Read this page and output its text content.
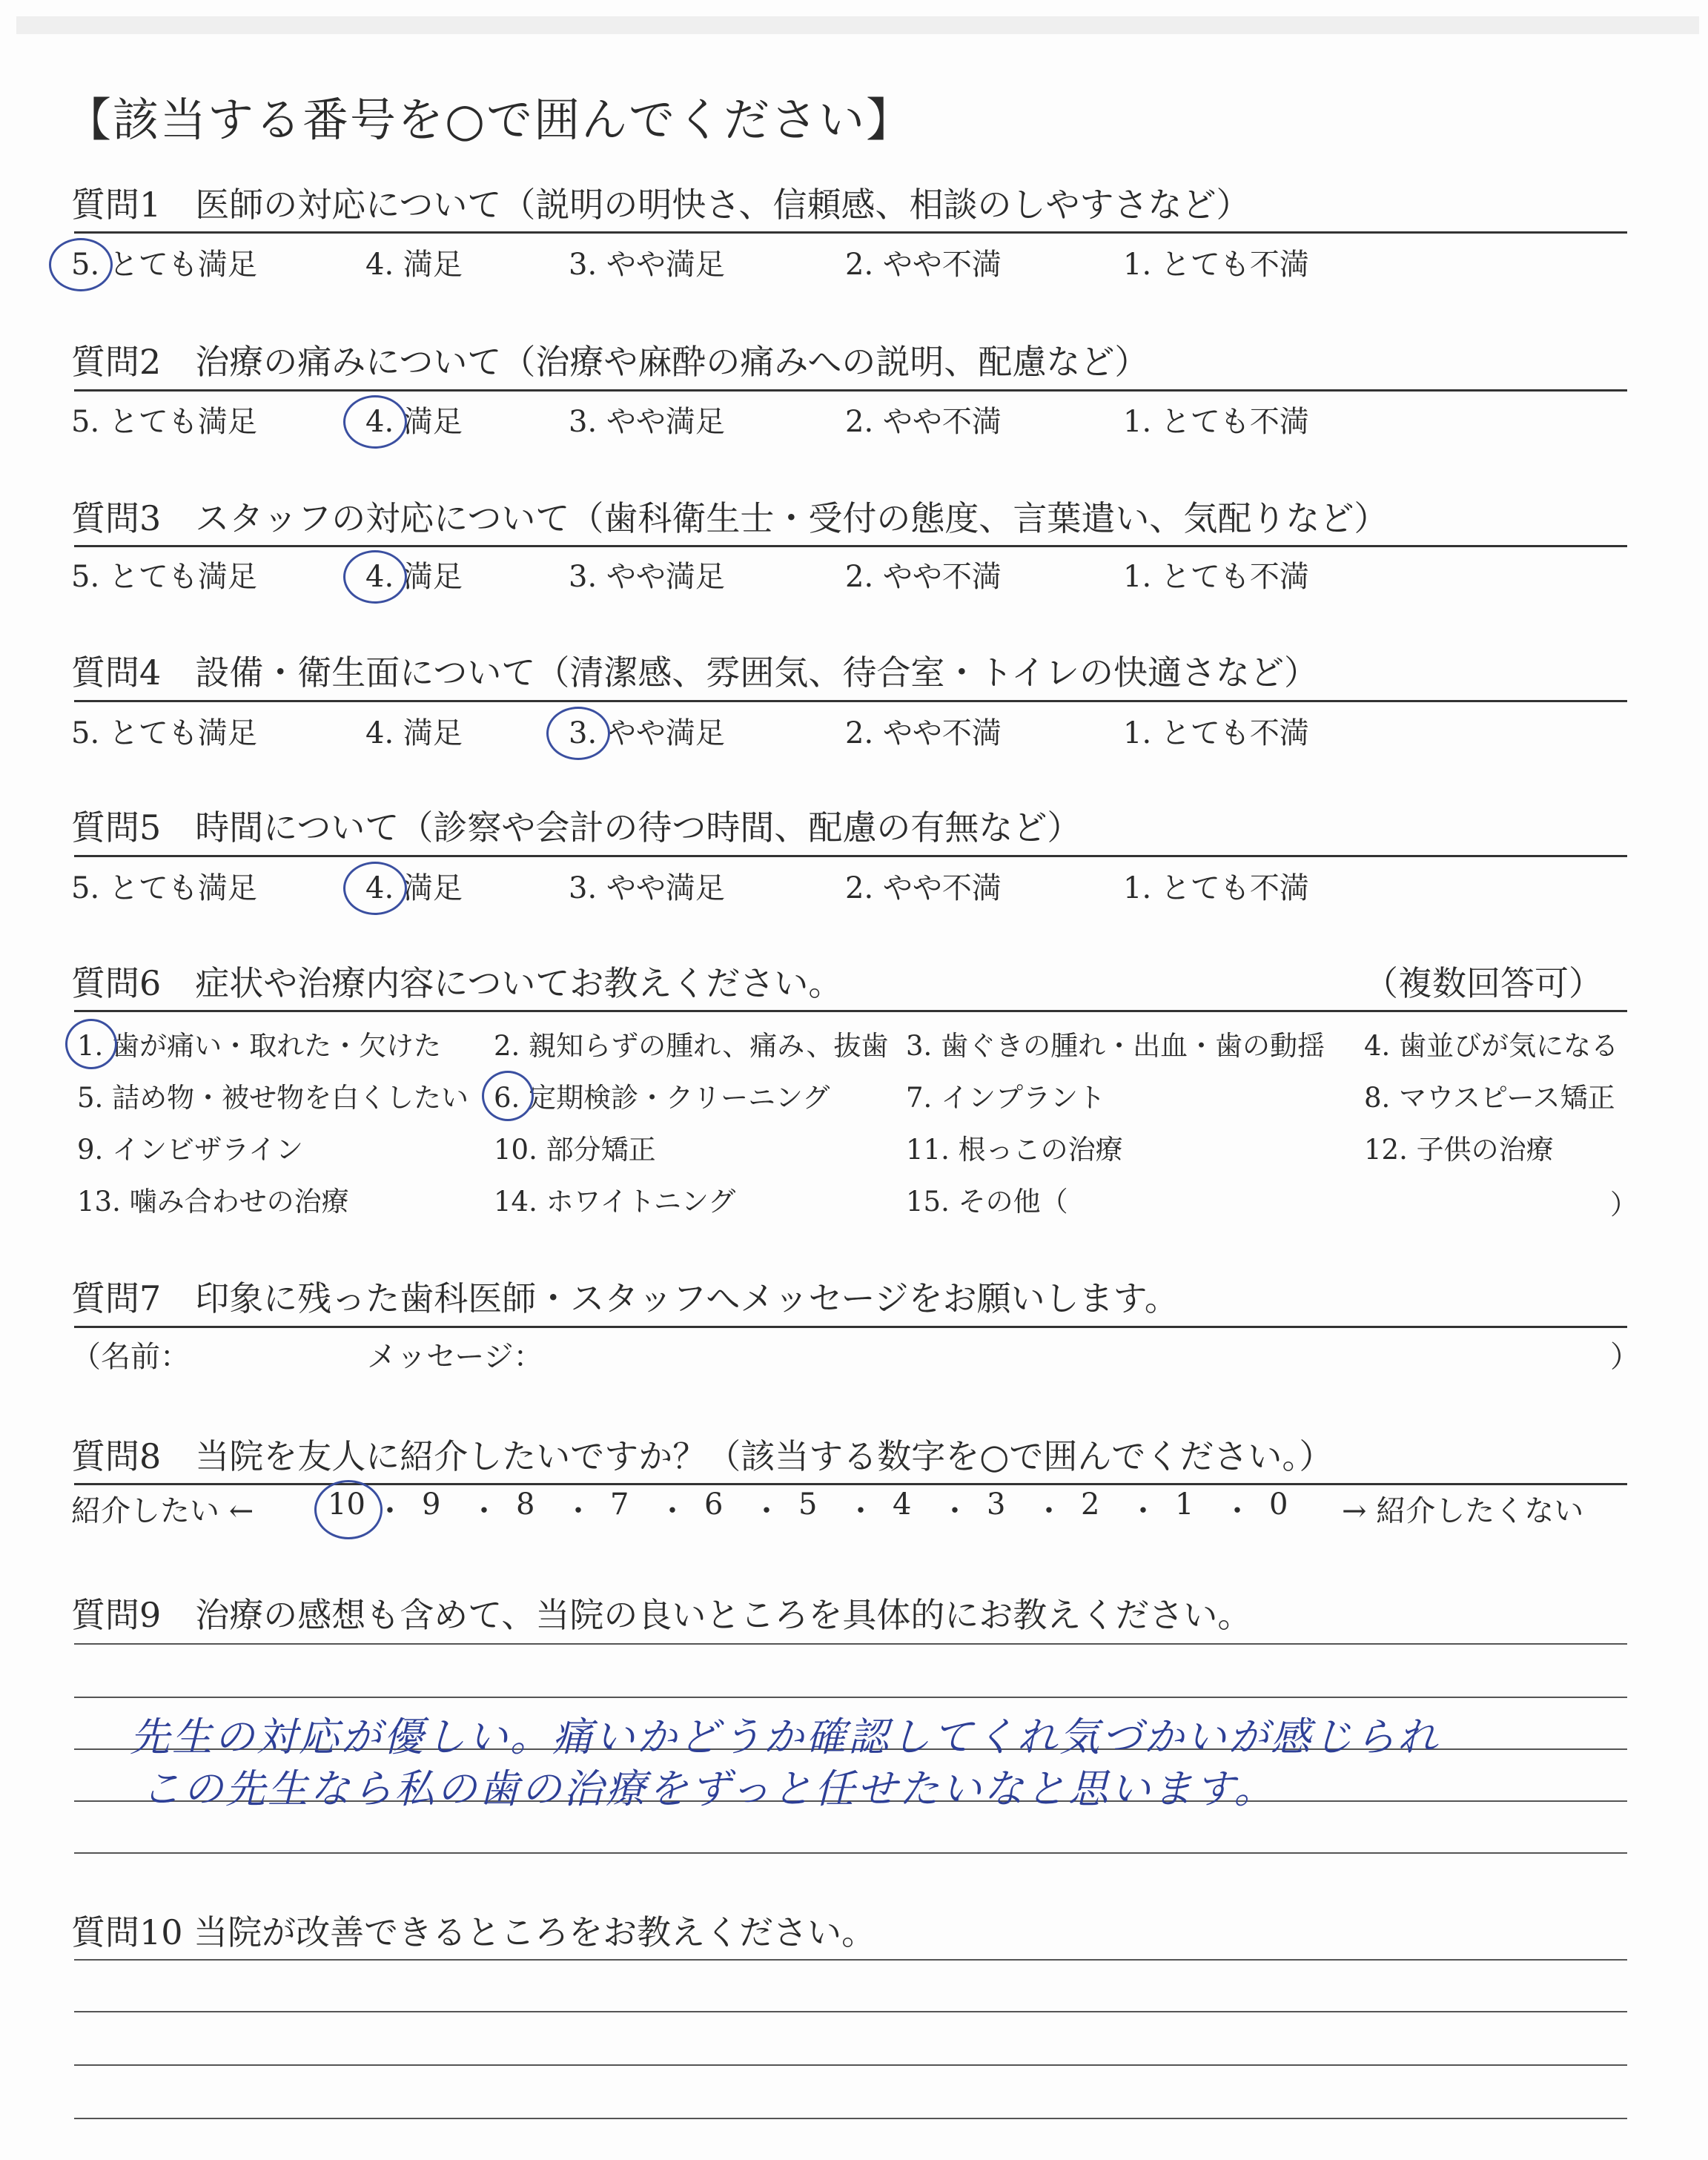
【該当する番号を○で囲んでください】
質問1　医師の対応について（説明の明快さ、信頼感、相談のしやすさなど）
5. とても満足	4. 満足	3. やや満足	2. やや不満	1. とても不満
質問2　治療の痛みについて（治療や麻酔の痛みへの説明、配慮など）
5. とても満足	4. 満足	3. やや満足	2. やや不満	1. とても不満
質問3　スタッフの対応について（歯科衛生士・受付の態度、言葉遣い、気配りなど）
5. とても満足	4. 満足	3. やや満足	2. やや不満	1. とても不満
質問4　設備・衛生面について（清潔感、雰囲気、待合室・トイレの快適さなど）
5. とても満足	4. 満足	3. やや満足	2. やや不満	1. とても不満
質問5　時間について（診察や会計の待つ時間、配慮の有無など）
5. とても満足	4. 満足	3. やや満足	2. やや不満	1. とても不満
質問6　症状や治療内容についてお教えください。	（複数回答可）
1. 歯が痛い・取れた・欠けた 2. 親知らずの腫れ、痛み、抜歯 3. 歯ぐきの腫れ・出血・歯の動揺 4. 歯並びが気になる
5. 詰め物・被せ物を白くしたい 6. 定期検診・クリーニング	7. インプラント	8. マウスピース矯正
9. インビザライン	10. 部分矯正	11. 根っこの治療	12. 子供の治療
13. 噛み合わせの治療	14. ホワイトニング	15. その他（	）
質問7　印象に残った歯科医師・スタッフへメッセージをお願いします。
（名前：	メッセージ：	）
質問8　当院を友人に紹介したいですか？（該当する数字を○で囲んでください。）
紹介したい ← 10 ・ 9 ・ 8 ・ 7 ・ 6 ・ 5 ・ 4 ・ 3 ・ 2 ・ 1 ・ 0 → 紹介したくない
質問9　治療の感想も含めて、当院の良いところを具体的にお教えください。
先生の対応が優しい。痛いかどうか確認してくれ気づかいが感じられ
この先生なら私の歯の治療をずっと任せたいなと思います。
質問10 当院が改善できるところをお教えください。
